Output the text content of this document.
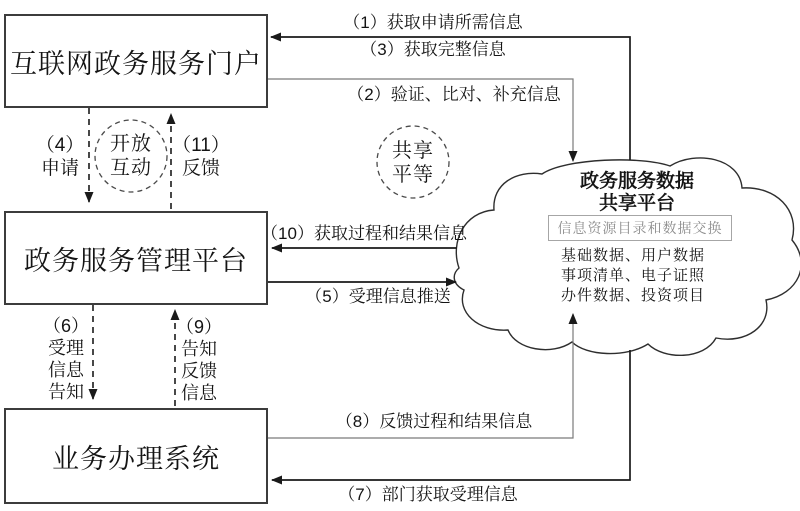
互联网政务服务门户
政务服务管理平台
业务办理系统
（1）获取申请所需信息
（3）获取完整信息
（2）验证、比对、补充信息
（10）获取过程和结果信息
（5）受理信息推送
（8）反馈过程和结果信息
（7）部门获取受理信息
（4）
申请
（11）
反馈
（6）
受理
信息
告知
（9）
告知
反馈
信息
开放
互动
共享
平等	政务服务数据
共享平台
信息资源目录和数据交换
基础数据、用户数据
事项清单、电子证照
办件数据、投资项目
